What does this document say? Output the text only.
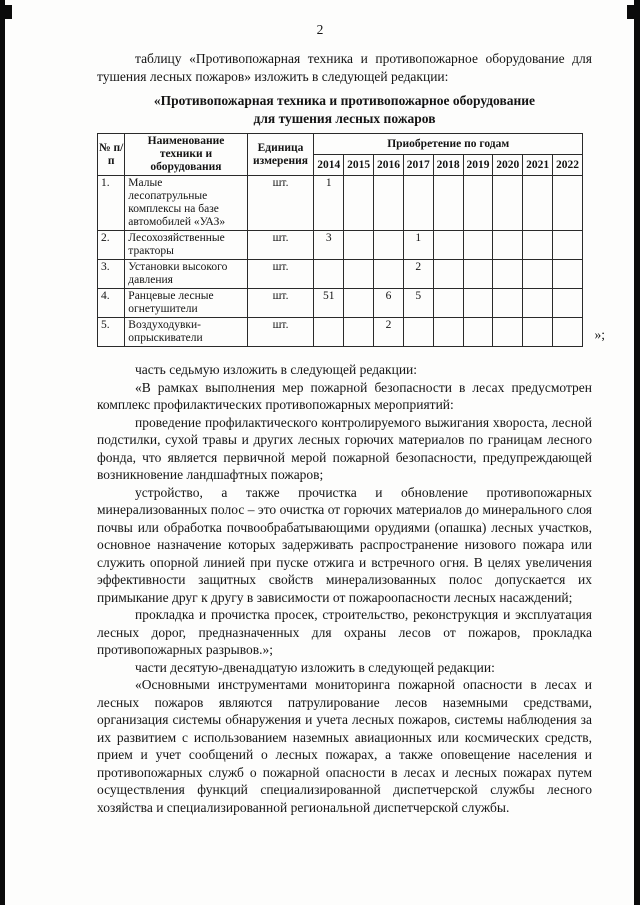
2

таблицу «Противопожарная техника и противопожарное оборудование для тушения лесных пожаров» изложить в следующей редакции:

«Противопожарная техника и противопожарное оборудование
для тушения лесных пожаров
№ п/п	Наименование техники и оборудования	Единица измерения	Приобретение по годам								
			2014	2015	2016	2017	2018	2019	2020	2021	2022
1.	Малые лесопатрульные комплексы на базе автомобилей «УАЗ»	шт.	1								
2.	Лесохозяйственные тракторы	шт.	3			1					
3.	Установки высокого давления	шт.				2					
4.	Ранцевые лесные огнетушители	шт.	51		6	5					
5.	Воздуходувки-опрыскиватели	шт.			2						
»;

часть седьмую изложить в следующей редакции:

«В рамках выполнения мер пожарной безопасности в лесах предусмотрен комплекс профилактических противопожарных мероприятий:

проведение профилактического контролируемого выжигания хвороста, лесной подстилки, сухой травы и других лесных горючих материалов по границам лесного фонда, что является первичной мерой пожарной безопасности, предупреждающей возникновение ландшафтных пожаров;

устройство, а также прочистка и обновление противопожарных минерализованных полос – это очистка от горючих материалов до минерального слоя почвы или обработка почвообрабатывающими орудиями (опашка) лесных участков, основное назначение которых задерживать распространение низового пожара или служить опорной линией при пуске отжига и встречного огня. В целях увеличения эффективности защитных свойств минерализованных полос допускается их примыкание друг к другу в зависимости от пожароопасности лесных насаждений;

прокладка и прочистка просек, строительство, реконструкция и эксплуатация лесных дорог, предназначенных для охраны лесов от пожаров, прокладка противопожарных разрывов.»;

части десятую-двенадцатую изложить в следующей редакции:

«Основными инструментами мониторинга пожарной опасности в лесах и лесных пожаров являются патрулирование лесов наземными средствами, организация системы обнаружения и учета лесных пожаров, системы наблюдения за их развитием с использованием наземных авиационных или космических средств, прием и учет сообщений о лесных пожарах, а также оповещение населения и противопожарных служб о пожарной опасности в лесах и лесных пожарах путем осуществления функций специализированной диспетчерской службы лесного хозяйства и специализированной региональной диспетчерской службы.
